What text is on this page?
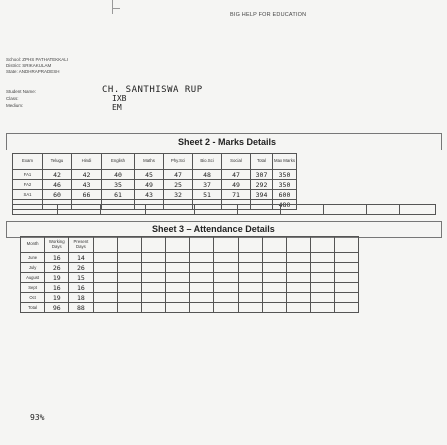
BIG HELP FOR EDUCATION
School: ZPHS PATHATEKKALI
District: SRIKAKULAM
State: ANDHRAPRADESH
Student Name:
Class:
Medium:
CH. SANTHISWA RUP
IXB
EM
Sheet 2 - Marks Details
Exam	Telugu	Hindi	English	Maths	Phy.Sci	Bio.Sci	Social	Total	Max Marks						
FA1	42	42	40	45	47	48	47	307	350						
FA2	46	43	35	49	25	37	49	292	350						
SA1	60	66	61	43	32	51	71	394	600						
									480						

Sheet 3 – Attendance Details
Month	Working Days	Present Days												
June	16	14												
July	26	26												
August	19	15												
Sept	16	16												
Oct	19	18												
Total	96	88												
93%
